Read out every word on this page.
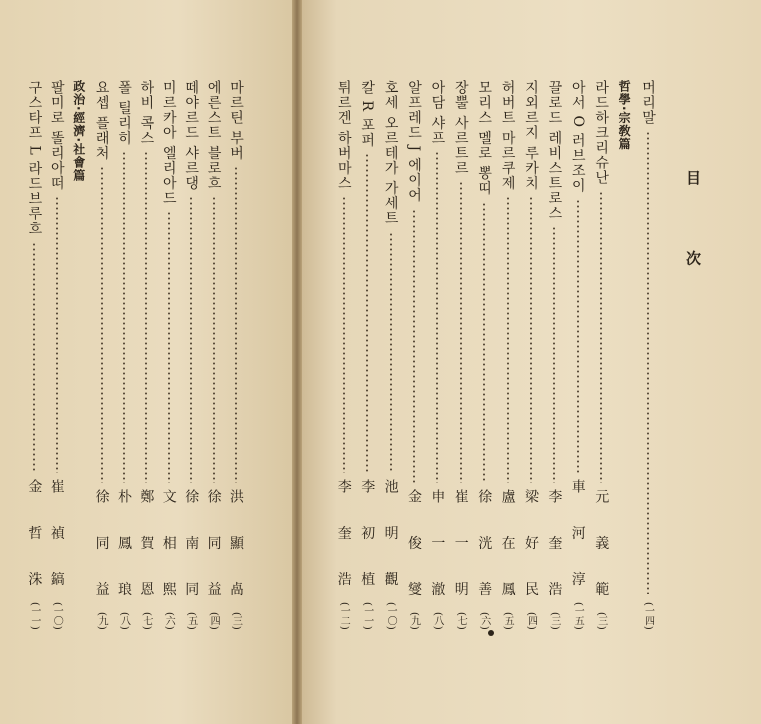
目 次
머리말
(一四)
哲學·宗敎篇
라드하크리슈난
元 義 範
(三)
아서 O 러브조이
車 河 淳
(一五)
끌로드 레비스트로스
李 奎 浩
(三)
지외르지 루카치
梁 好 民
(四)
허버트 마르쿠제
盧 在 鳳
(五)
모리스 멜로 뽕띠
徐 洸 善
(六)
장뿔 사르트르
崔 一 明
(七)
아담 샤프
申 一 澈
(八)
알프레드 J 에이어
金 俊 燮
(九)
호세 오르테가 가세트
池 明 觀
(一〇)
칼 R 포퍼
李 初 植
(一一)
튀르겐 하버마스
李 奎 浩
(一二)
마르틴 부버
洪 顯 卨
(三)
에른스트 블로흐
徐 同 益
(四)
떼야르드 샤르댕
徐 南 同
(五)
미르카아 엘리아드
文 相 熙
(六)
하비 콕스
鄭 賀 恩
(七)
폴 틸리히
朴 鳳 琅
(八)
요셉 플래처
徐 同 益
(九)
政治·經濟·社會篇
팔미로 똘리아떠
崔 禎 鎬
(一〇)
구스타프 L 라드브루흐
金 哲 洙
(一一)
